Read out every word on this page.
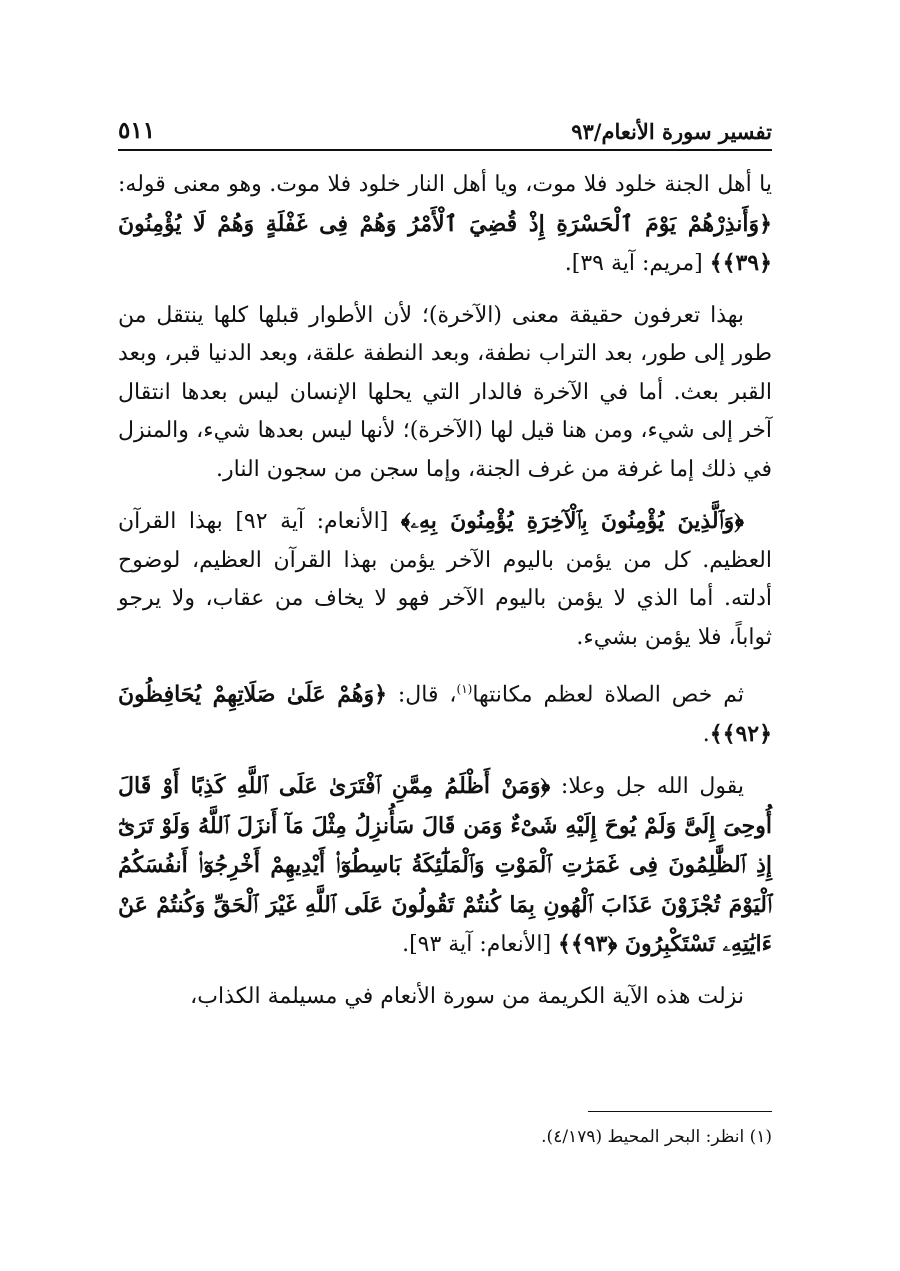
تفسير سورة الأنعام/٩٣
٥١١

يا أهل الجنة خلود فلا موت، ويا أهل النار خلود فلا موت. وهو معنى قوله: ﴿وَأَنذِرْهُمْ يَوْمَ ٱلْحَسْرَةِ إِذْ قُضِيَ ٱلْأَمْرُ وَهُمْ فِى غَفْلَةٍ وَهُمْ لَا يُؤْمِنُونَ ﴿٣٩﴾﴾ [مريم: آية ٣٩].

بهذا تعرفون حقيقة معنى (الآخرة)؛ لأن الأطوار قبلها كلها ينتقل من طور إلى طور، بعد التراب نطفة، وبعد النطفة علقة، وبعد الدنيا قبر، وبعد القبر بعث. أما في الآخرة فالدار التي يحلها الإنسان ليس بعدها انتقال آخر إلى شيء، ومن هنا قيل لها (الآخرة)؛ لأنها ليس بعدها شيء، والمنزل في ذلك إما غرفة من غرف الجنة، وإما سجن من سجون النار.

﴿وَٱلَّذِينَ يُؤْمِنُونَ بِٱلْآخِرَةِ يُؤْمِنُونَ بِهِۦ﴾ [الأنعام: آية ٩٢] بهذا القرآن العظيم. كل من يؤمن باليوم الآخر يؤمن بهذا القرآن العظيم، لوضوح أدلته. أما الذي لا يؤمن باليوم الآخر فهو لا يخاف من عقاب، ولا يرجو ثواباً، فلا يؤمن بشيء.

ثم خص الصلاة لعظم مكانتها$^{(١)}$، قال: ﴿وَهُمْ عَلَىٰ صَلَاتِهِمْ يُحَافِظُونَ ﴿٩٢﴾﴾.

يقول الله جل وعلا: ﴿وَمَنْ أَظْلَمُ مِمَّنِ ٱفْتَرَىٰ عَلَى ٱللَّهِ كَذِبًا أَوْ قَالَ أُوحِىَ إِلَىَّ وَلَمْ يُوحَ إِلَيْهِ شَىْءٌ وَمَن قَالَ سَأُنزِلُ مِثْلَ مَآ أَنزَلَ ٱللَّهُ وَلَوْ تَرَىٰٓ إِذِ ٱلظَّٰلِمُونَ فِى غَمَرَٰتِ ٱلْمَوْتِ وَٱلْمَلَٰٓئِكَةُ بَاسِطُوٓا۟ أَيْدِيهِمْ أَخْرِجُوٓا۟ أَنفُسَكُمُ ٱلْيَوْمَ تُجْزَوْنَ عَذَابَ ٱلْهُونِ بِمَا كُنتُمْ تَقُولُونَ عَلَى ٱللَّهِ غَيْرَ ٱلْحَقِّ وَكُنتُمْ عَنْ ءَايَٰتِهِۦ تَسْتَكْبِرُونَ ﴿٩٣﴾﴾ [الأنعام: آية ٩٣].

نزلت هذه الآية الكريمة من سورة الأنعام في مسيلمة الكذاب،

(١) انظر: البحر المحيط (٤/١٧٩).
